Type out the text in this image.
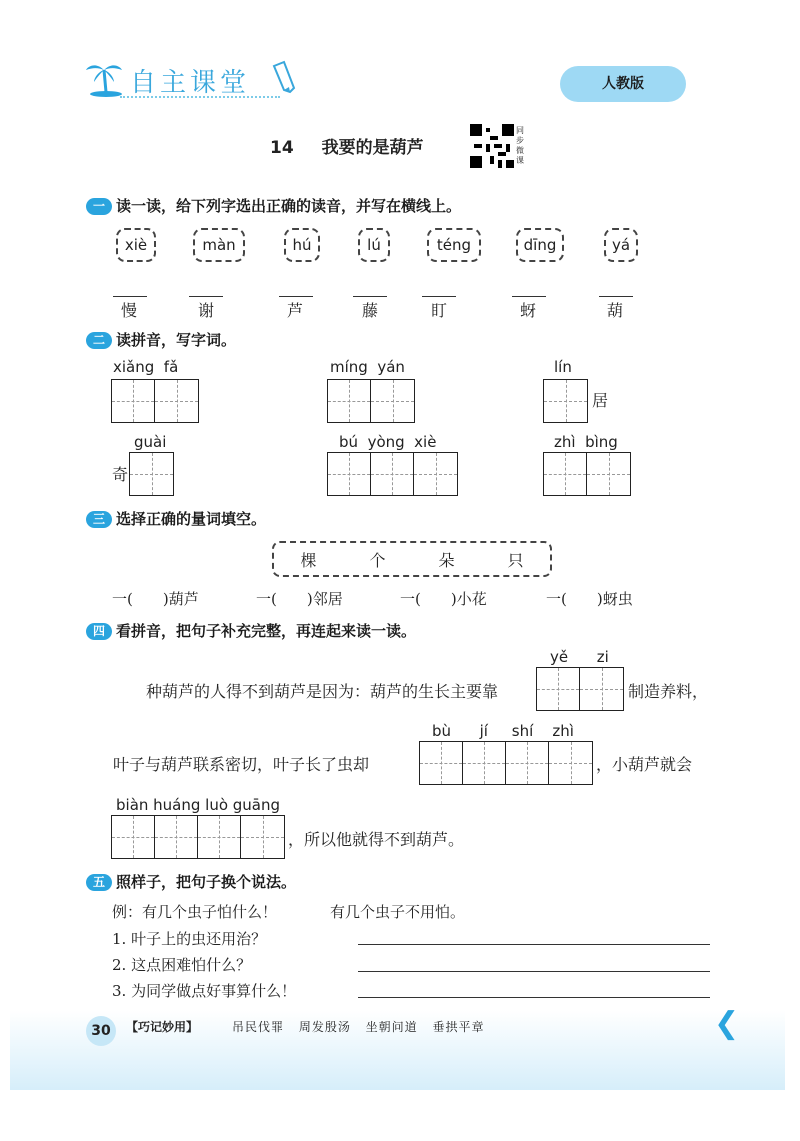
自主课堂	人教版
14 我要的是葫芦
同步微课
一 读一读，给下列字选出正确的读音，并写在横线上。
xiè	màn	hú	lú	téng	dīng	yá
慢	谢	芦	藤	盯	蚜	葫
二 读拼音，写字词。
xiǎng  fǎ	míng  yán	lín
居
guài
奇
bú  yòng  xiè	zhì  bìng
三 选择正确的量词填空。
棵	个	朵	只
一(　　)葫芦	一(　　)邻居	一(　　)小花	一(　　)蚜虫
四 看拼音，把句子补充完整，再连起来读一读。
yě      zi
种葫芦的人得不到葫芦是因为：葫芦的生长主要靠	制造养料，
bù      jí     shí    zhì
叶子与葫芦联系密切，叶子长了虫却	，小葫芦就会
biàn huáng luò guāng
，所以他就得不到葫芦。
五 照样子，把句子换个说法。
例：有几个虫子怕什么！	有几个虫子不用怕。
1. 叶子上的虫还用治？
2. 这点困难怕什么？
3. 为同学做点好事算什么！
30	【巧记妙用】	吊民伐罪 周发殷汤 坐朝问道 垂拱平章	❮
